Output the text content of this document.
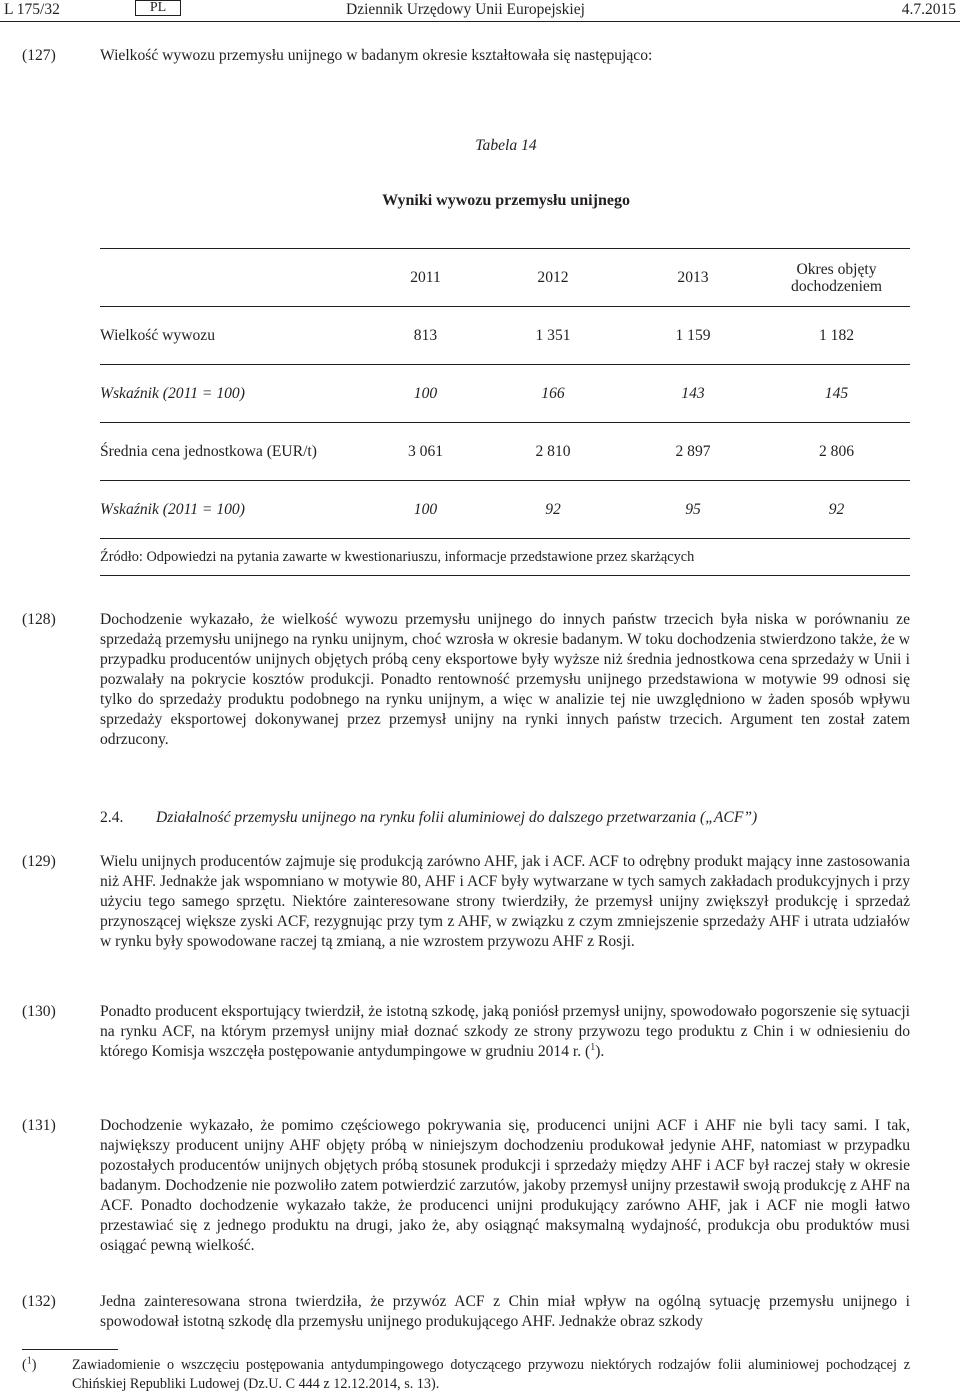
L 175/32	PL	Dziennik Urzędowy Unii Europejskiej	4.7.2015
(127)	Wielkość wywozu przemysłu unijnego w badanym okresie kształtowała się następująco:
Tabela 14
Wyniki wywozu przemysłu unijnego
	2011	2012	2013	Okres objęty dochodzeniem
Wielkość wywozu	813	1 351	1 159	1 182
Wskaźnik (2011 = 100)	100	166	143	145
Średnia cena jednostkowa (EUR/t)	3 061	2 810	2 897	2 806
Wskaźnik (2011 = 100)	100	92	95	92
Źródło: Odpowiedzi na pytania zawarte w kwestionariuszu, informacje przedstawione przez skarżących				
(128)	Dochodzenie wykazało, że wielkość wywozu przemysłu unijnego do innych państw trzecich była niska w porównaniu ze sprzedażą przemysłu unijnego na rynku unijnym, choć wzrosła w okresie badanym. W toku dochodzenia stwierdzono także, że w przypadku producentów unijnych objętych próbą ceny eksportowe były wyższe niż średnia jednostkowa cena sprzedaży w Unii i pozwalały na pokrycie kosztów produkcji. Ponadto rentowność przemysłu unijnego przedstawiona w motywie 99 odnosi się tylko do sprzedaży produktu podobnego na rynku unijnym, a więc w analizie tej nie uwzględniono w żaden sposób wpływu sprzedaży eksportowej dokonywanej przez przemysł unijny na rynki innych państw trzecich. Argument ten został zatem odrzucony.
2.4. Działalność przemysłu unijnego na rynku folii aluminiowej do dalszego przetwarzania („ACF”)
(129)	Wielu unijnych producentów zajmuje się produkcją zarówno AHF, jak i ACF. ACF to odrębny produkt mający inne zastosowania niż AHF. Jednakże jak wspomniano w motywie 80, AHF i ACF były wytwarzane w tych samych zakładach produkcyjnych i przy użyciu tego samego sprzętu. Niektóre zainteresowane strony twierdziły, że przemysł unijny zwiększył produkcję i sprzedaż przynoszącej większe zyski ACF, rezygnując przy tym z AHF, w związku z czym zmniejszenie sprzedaży AHF i utrata udziałów w rynku były spowodowane raczej tą zmianą, a nie wzrostem przywozu AHF z Rosji.
(130)	Ponadto producent eksportujący twierdził, że istotną szkodę, jaką poniósł przemysł unijny, spowodowało pogorszenie się sytuacji na rynku ACF, na którym przemysł unijny miał doznać szkody ze strony przywozu tego produktu z Chin i w odniesieniu do którego Komisja wszczęła postępowanie antydumpingowe w grudniu 2014 r. ($^1$).
(131)	Dochodzenie wykazało, że pomimo częściowego pokrywania się, producenci unijni ACF i AHF nie byli tacy sami. I tak, największy producent unijny AHF objęty próbą w niniejszym dochodzeniu produkował jedynie AHF, natomiast w przypadku pozostałych producentów unijnych objętych próbą stosunek produkcji i sprzedaży między AHF i ACF był raczej stały w okresie badanym. Dochodzenie nie pozwoliło zatem potwierdzić zarzutów, jakoby przemysł unijny przestawił swoją produkcję z AHF na ACF. Ponadto dochodzenie wykazało także, że producenci unijni produkujący zarówno AHF, jak i ACF nie mogli łatwo przestawiać się z jednego produktu na drugi, jako że, aby osiągnąć maksymalną wydajność, produkcja obu produktów musi osiągać pewną wielkość.
(132)	Jedna zainteresowana strona twierdziła, że przywóz ACF z Chin miał wpływ na ogólną sytuację przemysłu unijnego i spowodował istotną szkodę dla przemysłu unijnego produkującego AHF. Jednakże obraz szkody
($^1$)	Zawiadomienie o wszczęciu postępowania antydumpingowego dotyczącego przywozu niektórych rodzajów folii aluminiowej pochodzącej z Chińskiej Republiki Ludowej (Dz.U. C 444 z 12.12.2014, s. 13).
